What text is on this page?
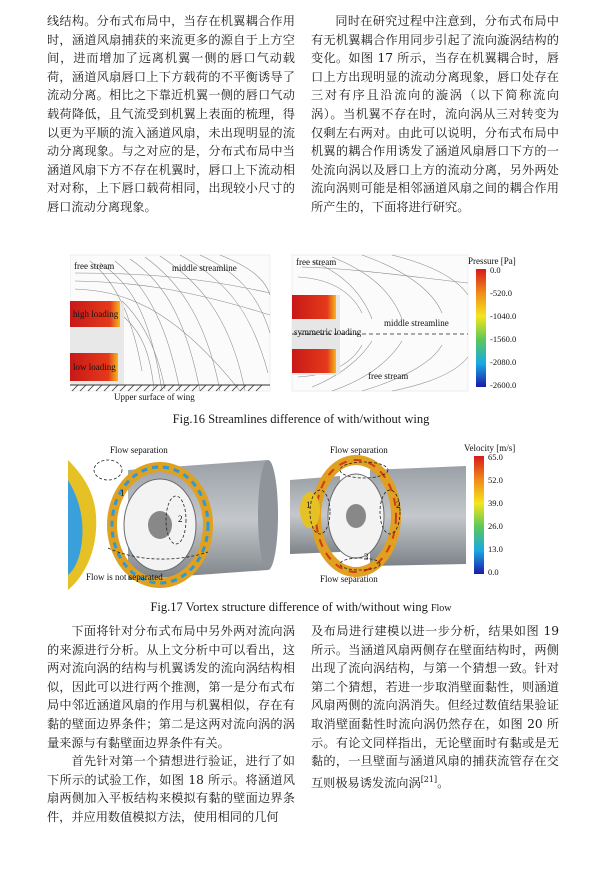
线结构。分布式布局中，当存在机翼耦合作用时，涵道风扇捕获的来流更多的源自于上方空间，进而增加了远离机翼一侧的唇口气动载荷，涵道风扇唇口上下方载荷的不平衡诱导了流动分离。相比之下靠近机翼一侧的唇口气动载荷降低，且气流受到机翼上表面的梳理，得以更为平顺的流入涵道风扇，未出现明显的流动分离现象。与之对应的是，分布式布局中当涵道风扇下方不存在机翼时，唇口上下流动相对对称，上下唇口载荷相同，出现较小尺寸的唇口流动分离现象。

同时在研究过程中注意到，分布式布局中有无机翼耦合作用同步引起了流向漩涡结构的变化。如图 17 所示，当存在机翼耦合时，唇口上方出现明显的流动分离现象，唇口处存在三对有序且沿流向的漩涡（以下简称流向涡）。当机翼不存在时，流向涡从三对转变为仅剩左右两对。由此可以说明，分布式布局中机翼的耦合作用诱发了涵道风扇唇口下方的一处流向涡以及唇口上方的流动分离，另外两处流向涡则可能是相邻涵道风扇之间的耦合作用所产生的，下面将进行研究。

free stream	middle streamline
high loading
low loading
Upper surface of wing
free stream
symmetric loading
middle streamline
free stream
Pressure [Pa]
0.0
-520.0
-1040.0
-1560.0
-2080.0
-2600.0
Fig.16 Streamlines difference of with/without wing
Flow separation
Flow is not separated
1
2
Flow separation
Flow separation
1	2
3
Velocity [m/s]
65.0
52.0
39.0
26.0
13.0
0.0
Fig.17 Vortex structure difference of with/without wing Flow

下面将针对分布式布局中另外两对流向涡的来源进行分析。从上文分析中可以看出，这两对流向涡的结构与机翼诱发的流向涡结构相似，因此可以进行两个推测，第一是分布式布局中邻近涵道风扇的作用与机翼相似，存在有黏的壁面边界条件；第二是这两对流向涡的涡量来源与有黏壁面边界条件有关。

首先针对第一个猜想进行验证，进行了如下所示的试验工作，如图 18 所示。将涵道风扇两侧加入平板结构来模拟有黏的壁面边界条件，并应用数值模拟方法，使用相同的几何

及布局进行建模以进一步分析，结果如图 19 所示。当涵道风扇两侧存在壁面结构时，两侧出现了流向涡结构，与第一个猜想一致。针对第二个猜想，若进一步取消壁面黏性，则涵道风扇两侧的流向涡消失。但经过数值结果验证取消壁面黏性时流向涡仍然存在，如图 20 所示。有论文同样指出，无论壁面时有黏或是无黏的，一旦壁面与涵道风扇的捕获流管存在交互则极易诱发流向涡[21]。
